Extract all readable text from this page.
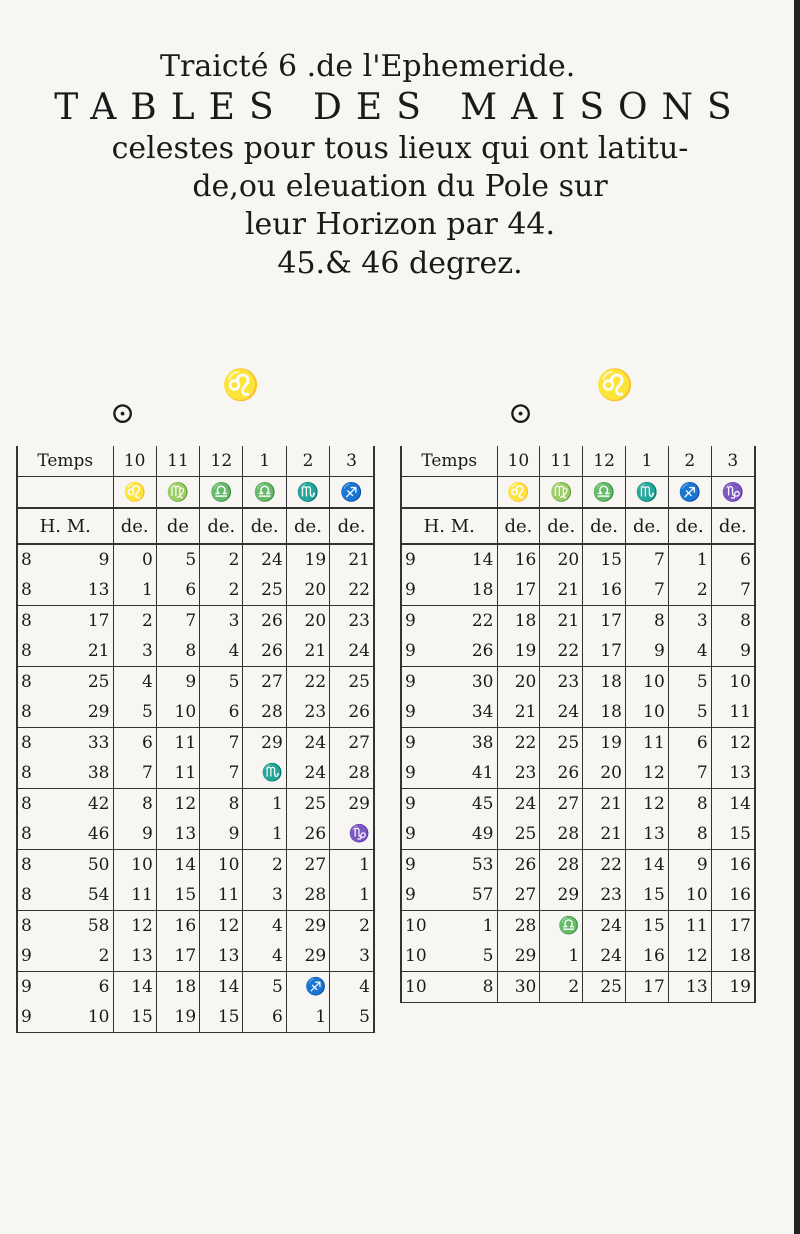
Traicté 6 .de l'Ephemeride.
TABLES DES MAISONS
celestes pour tous lieux qui ont latitu-
de,ou eleuation du Pole sur
leur Horizon par 44.
45.& 46 degrez.
♌
⊙
♌
⊙
Temps	10	11	12	1	2	3
	♌	♍	♎	♎	♏	♐
H. M.	de.	de	de.	de.	de.	de.

8 9	0	5	2	24	19	21

8 13	1	6	2	25	20	22

8 17	2	7	3	26	20	23

8 21	3	8	4	26	21	24

8 25	4	9	5	27	22	25

8 29	5	10	6	28	23	26

8 33	6	11	7	29	24	27

8 38	7	11	7	♏	24	28

8 42	8	12	8	1	25	29

8 46	9	13	9	1	26	♑

8 50	10	14	10	2	27	1

8 54	11	15	11	3	28	1

8 58	12	16	12	4	29	2

9 2	13	17	13	4	29	3

9 6	14	18	14	5	♐	4

9 10	15	19	15	6	1	5
Temps	10	11	12	1	2	3
	♌	♍	♎	♏	♐	♑
H. M.	de.	de.	de.	de.	de.	de.

9 14	16	20	15	7	1	6

9 18	17	21	16	7	2	7

9 22	18	21	17	8	3	8

9 26	19	22	17	9	4	9

9 30	20	23	18	10	5	10

9 34	21	24	18	10	5	11

9 38	22	25	19	11	6	12

9 41	23	26	20	12	7	13

9 45	24	27	21	12	8	14

9 49	25	28	21	13	8	15

9 53	26	28	22	14	9	16

9 57	27	29	23	15	10	16

10 1	28	♎	24	15	11	17

10 5	29	1	24	16	12	18

10 8	30	2	25	17	13	19
